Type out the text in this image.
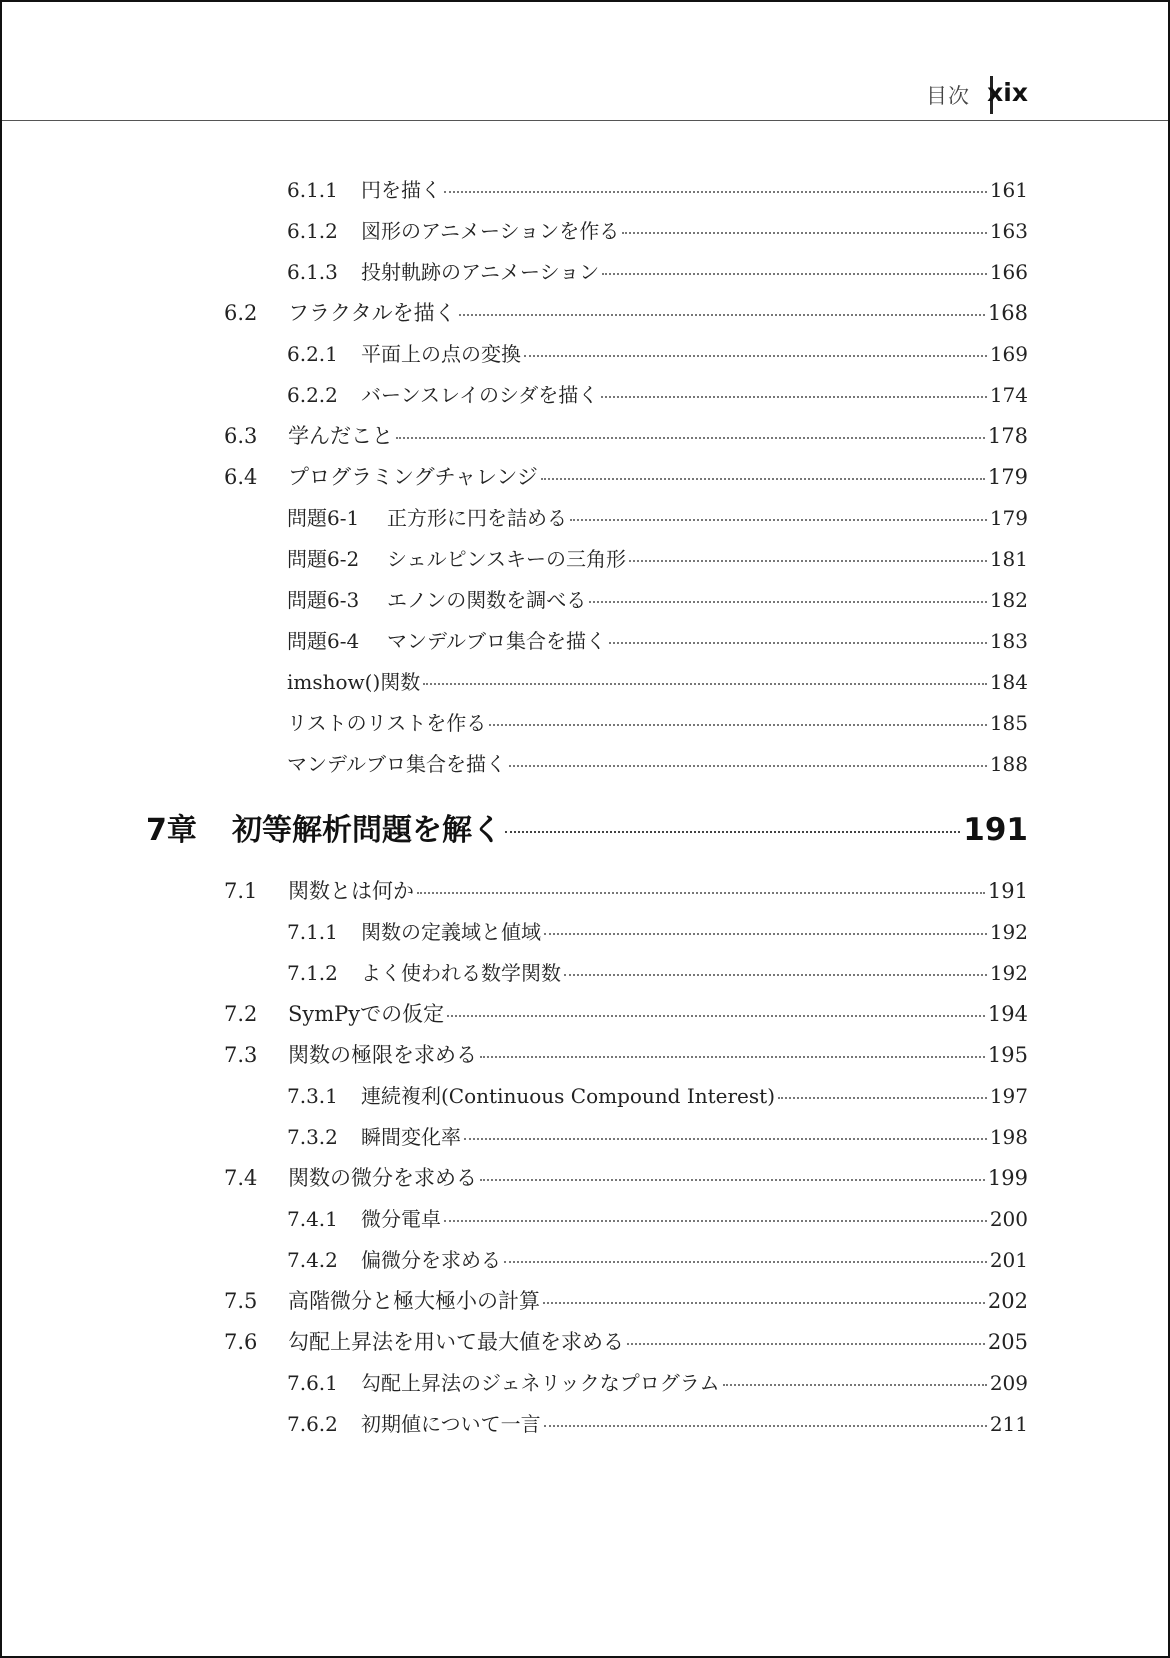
目次 xix
6.1.1	円を描く	161
6.1.2	図形のアニメーションを作る	163
6.1.3	投射軌跡のアニメーション	166
6.2	フラクタルを描く	168
6.2.1	平面上の点の変換	169
6.2.2	バーンスレイのシダを描く	174
6.3	学んだこと	178
6.4	プログラミングチャレンジ	179
問題6-1	正方形に円を詰める	179
問題6-2	シェルピンスキーの三角形	181
問題6-3	エノンの関数を調べる	182
問題6-4	マンデルブロ集合を描く	183
imshow()関数	184
リストのリストを作る	185
マンデルブロ集合を描く	188
7章	初等解析問題を解く	191
7.1	関数とは何か	191
7.1.1	関数の定義域と値域	192
7.1.2	よく使われる数学関数	192
7.2	SymPyでの仮定	194
7.3	関数の極限を求める	195
7.3.1	連続複利(Continuous Compound Interest)	197
7.3.2	瞬間変化率	198
7.4	関数の微分を求める	199
7.4.1	微分電卓	200
7.4.2	偏微分を求める	201
7.5	高階微分と極大極小の計算	202
7.6	勾配上昇法を用いて最大値を求める	205
7.6.1	勾配上昇法のジェネリックなプログラム	209
7.6.2	初期値について一言	211
